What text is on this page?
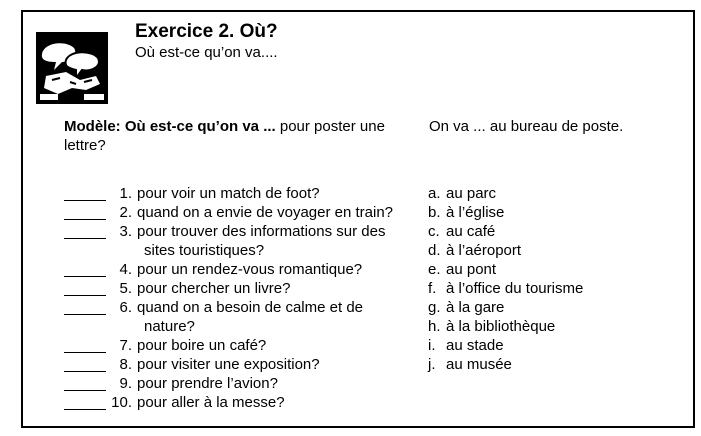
Exercice 2. Où?
Où est-ce qu’on va....
Modèle: Où est-ce qu’on va ... pour poster une lettre?
On va ... au bureau de poste.
1. pour voir un match de foot?
2. quand on a envie de voyager en train?
3. pour trouver des informations sur des
sites touristiques?
4. pour un rendez-vous romantique?
5. pour chercher un livre?
6. quand on a besoin de calme et de
nature?
7. pour boire un café?
8. pour visiter une exposition?
9. pour prendre l’avion?
10. pour aller à la messe?
a. au parc
b. à l’église
c. au café
d. à l’aéroport
e. au pont
f. à l’office du tourisme
g. à la gare
h. à la bibliothèque
i. au stade
j. au musée
